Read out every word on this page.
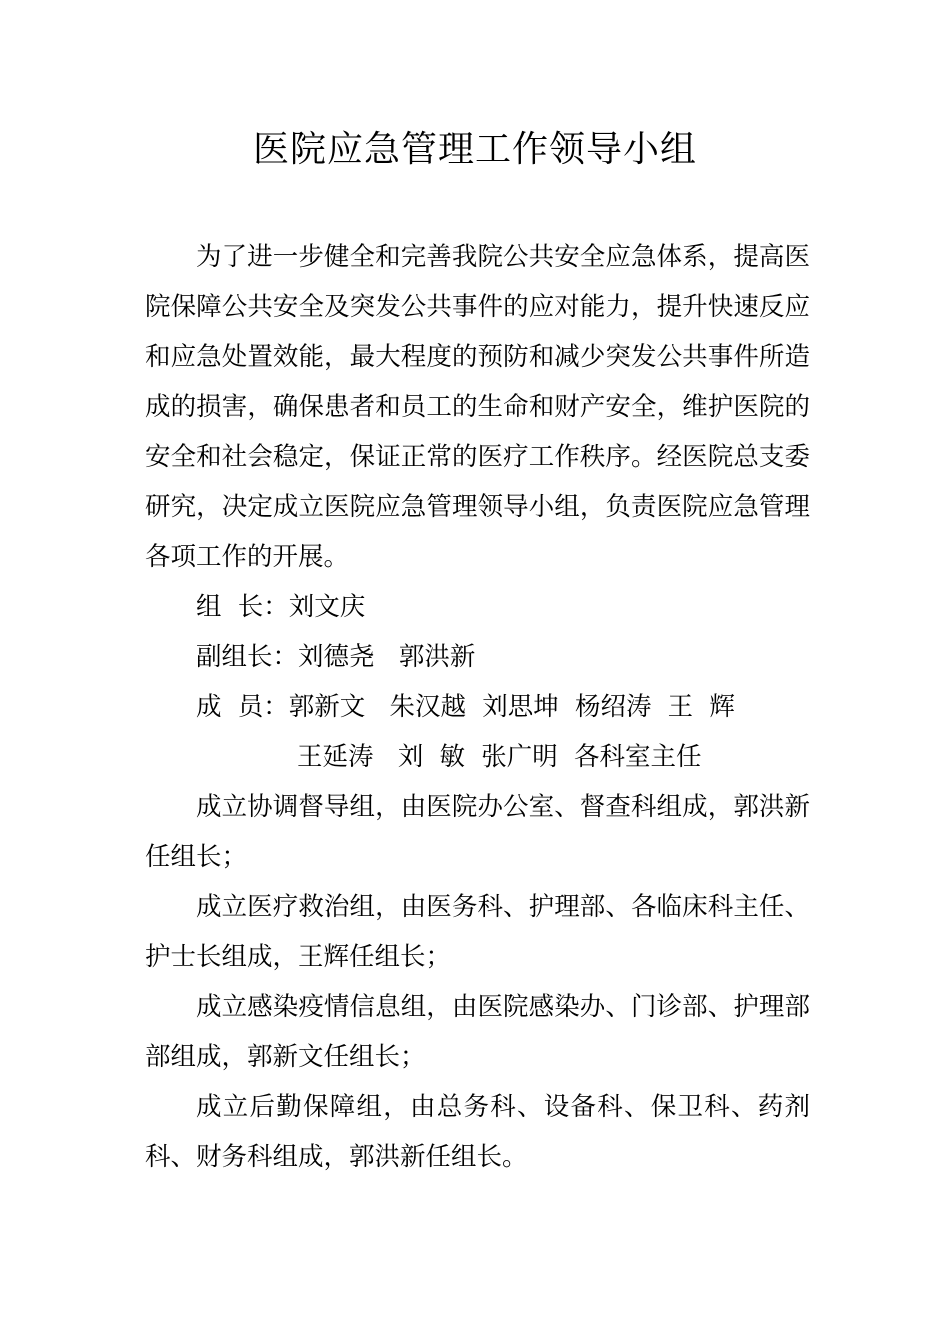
医院应急管理工作领导小组

为了进一步健全和完善我院公共安全应急体系，提高医院保障公共安全及突发公共事件的应对能力，提升快速反应和应急处置效能，最大程度的预防和减少突发公共事件所造成的损害，确保患者和员工的生命和财产安全，维护医院的安全和社会稳定，保证正常的医疗工作秩序。经医院总支委研究，决定成立医院应急管理领导小组，负责医院应急管理各项工作的开展。

组  长：刘文庆

副组长：刘德尧   郭洪新

成  员：郭新文   朱汉越  刘思坤  杨绍涛  王  辉

王延涛   刘  敏  张广明  各科室主任

成立协调督导组，由医院办公室、督查科组成，郭洪新任组长；

成立医疗救治组，由医务科、护理部、各临床科主任、护士长组成，王辉任组长；

成立感染疫情信息组，由医院感染办、门诊部、护理部部组成，郭新文任组长；

成立后勤保障组，由总务科、设备科、保卫科、药剂科、财务科组成，郭洪新任组长。
